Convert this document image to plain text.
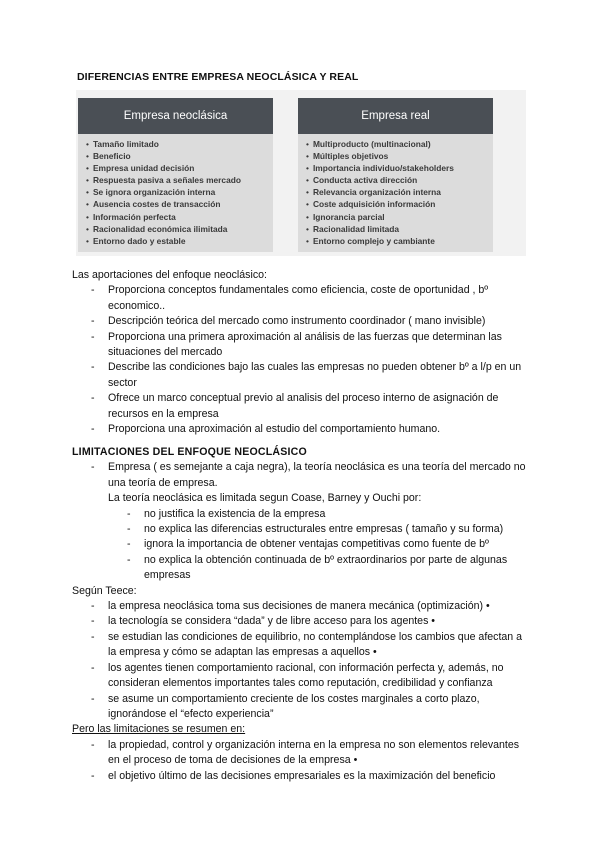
DIFERENCIAS ENTRE EMPRESA NEOCLÁSICA Y REAL
Empresa neoclásica
• Tamaño limitado
• Beneficio
• Empresa unidad decisión
• Respuesta pasiva a señales mercado
• Se ignora organización interna
• Ausencia costes de transacción
• Información perfecta
• Racionalidad económica ilimitada
• Entorno dado y estable
Empresa real
• Multiproducto (multinacional)
• Múltiples objetivos
• Importancia individuo/stakeholders
• Conducta activa dirección
• Relevancia organización interna
• Coste adquisición información
• Ignorancia parcial
• Racionalidad limitada
• Entorno complejo y cambiante
Las aportaciones del enfoque neoclásico:
- Proporciona conceptos fundamentales como eficiencia, coste de oportunidad , bº economico..
- Descripción teórica del mercado como instrumento coordinador ( mano invisible)
- Proporciona una primera aproximación al análisis de las fuerzas que determinan las situaciones del mercado
- Describe las condiciones bajo las cuales las empresas no pueden obtener bº a l/p en un sector
- Ofrece un marco conceptual previo al analisis del proceso interno de asignación de recursos en la empresa
- Proporciona una aproximación al estudio del comportamiento humano.
LIMITACIONES DEL ENFOQUE NEOCLÁSICO
- Empresa ( es semejante a caja negra), la teoría neoclásica es una teoría del mercado no una teoría de empresa.
La teoría neoclásica es limitada segun Coase, Barney y Ouchi por:
- no justifica la existencia de la empresa
- no explica las diferencias estructurales entre empresas ( tamaño y su forma)
- ignora la importancia de obtener ventajas competitivas como fuente de bº
- no explica la obtención continuada de bº extraordinarios por parte de algunas empresas
Según Teece:
- la empresa neoclásica toma sus decisiones de manera mecánica (optimización) •
- la tecnología se considera “dada” y de libre acceso para los agentes •
- se estudian las condiciones de equilibrio, no contemplándose los cambios que afectan a la empresa y cómo se adaptan las empresas a aquellos •
- los agentes tienen comportamiento racional, con información perfecta y, además, no consideran elementos importantes tales como reputación, credibilidad y confianza
- se asume un comportamiento creciente de los costes marginales a corto plazo, ignorándose el “efecto experiencia”
Pero las limitaciones se resumen en:
- la propiedad, control y organización interna en la empresa no son elementos relevantes en el proceso de toma de decisiones de la empresa •
- el objetivo último de las decisiones empresariales es la maximización del beneficio
